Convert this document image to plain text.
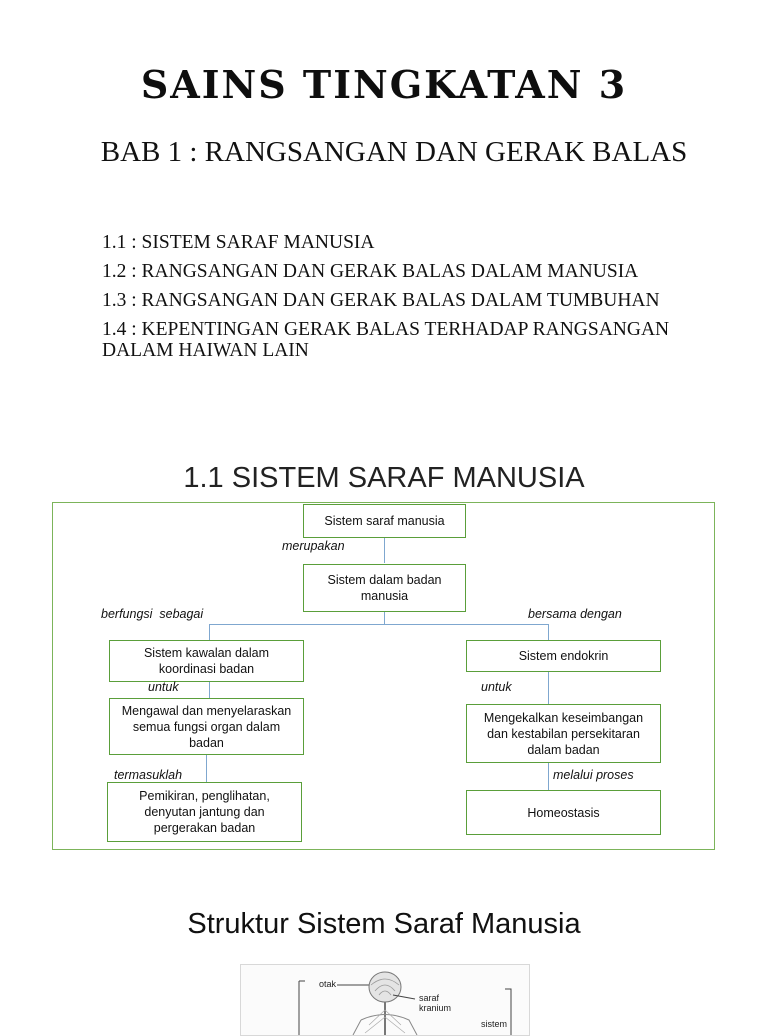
SAINS TINGKATAN 3
BAB 1 : RANGSANGAN DAN GERAK BALAS
1.1 : SISTEM SARAF MANUSIA
1.2 : RANGSANGAN DAN GERAK BALAS DALAM MANUSIA
1.3 : RANGSANGAN DAN GERAK BALAS DALAM TUMBUHAN
1.4 : KEPENTINGAN GERAK BALAS TERHADAP RANGSANGAN DALAM HAIWAN LAIN
1.1 SISTEM SARAF MANUSIA
Sistem saraf manusia
Sistem dalam badan manusia
Sistem kawalan dalam koordinasi badan
Sistem endokrin
Mengawal dan menyelaraskan semua fungsi organ dalam badan
Mengekalkan keseimbangan dan kestabilan persekitaran dalam badan
Pemikiran, penglihatan, denyutan jantung dan pergerakan badan
Homeostasis
merupakan
berfungsi  sebagai	bersama dengan
untuk	untuk
termasuklah	melalui proses
Struktur Sistem Saraf Manusia
otak
saraf kranium
sistem
